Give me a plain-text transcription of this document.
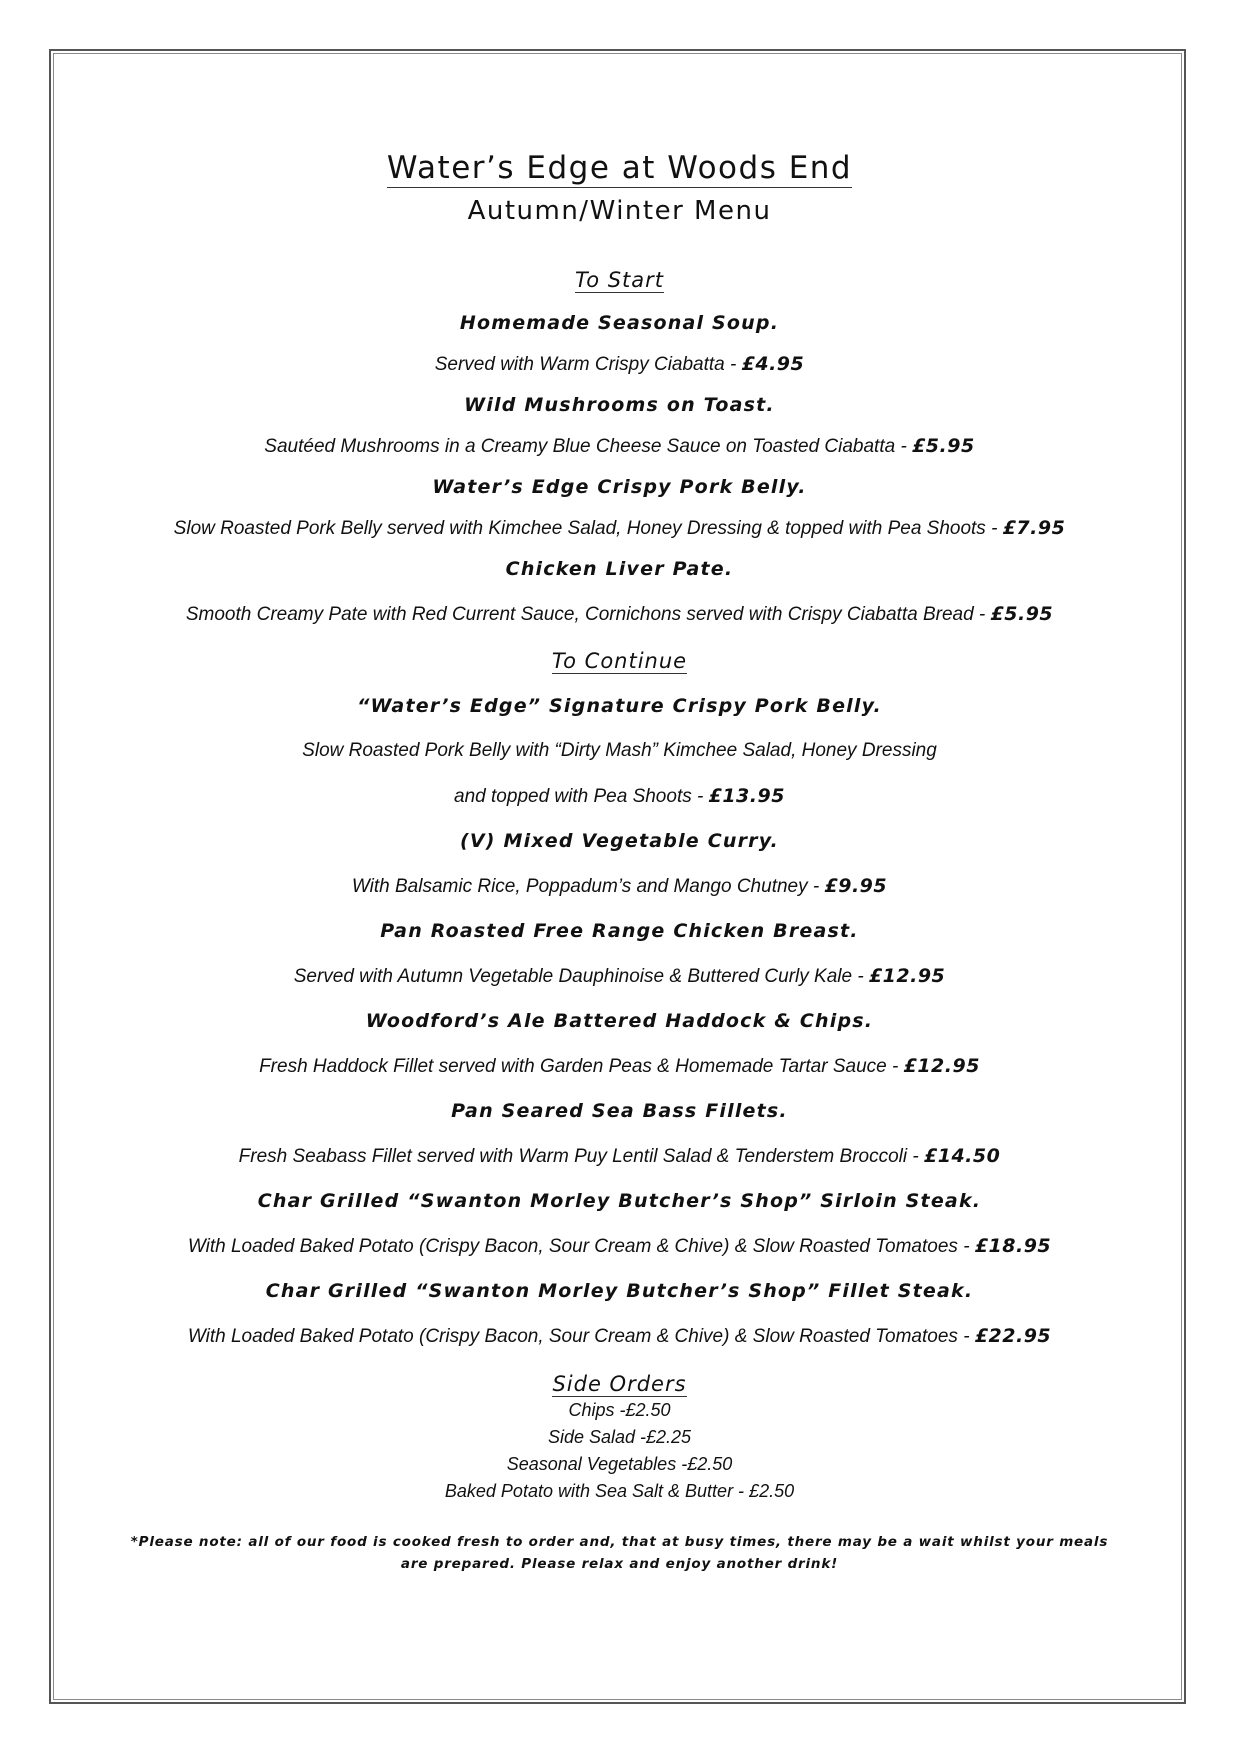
Water’s Edge at Woods End
Autumn/Winter Menu
To Start
Homemade Seasonal Soup.
Served with Warm Crispy Ciabatta - £4.95
Wild Mushrooms on Toast.
Sautéed Mushrooms in a Creamy Blue Cheese Sauce on Toasted Ciabatta - £5.95
Water’s Edge Crispy Pork Belly.
Slow Roasted Pork Belly served with Kimchee Salad, Honey Dressing & topped with Pea Shoots - £7.95
Chicken Liver Pate.
Smooth Creamy Pate with Red Current Sauce, Cornichons served with Crispy Ciabatta Bread - £5.95
To Continue
“Water’s Edge” Signature Crispy Pork Belly.
Slow Roasted Pork Belly with “Dirty Mash” Kimchee Salad, Honey Dressing
and topped with Pea Shoots - £13.95
(V) Mixed Vegetable Curry.
With Balsamic Rice, Poppadum’s and Mango Chutney - £9.95
Pan Roasted Free Range Chicken Breast.
Served with Autumn Vegetable Dauphinoise & Buttered Curly Kale - £12.95
Woodford’s Ale Battered Haddock & Chips.
Fresh Haddock Fillet served with Garden Peas & Homemade Tartar Sauce - £12.95
Pan Seared Sea Bass Fillets.
Fresh Seabass Fillet served with Warm Puy Lentil Salad & Tenderstem Broccoli - £14.50
Char Grilled “Swanton Morley Butcher’s Shop” Sirloin Steak.
With Loaded Baked Potato (Crispy Bacon, Sour Cream & Chive) & Slow Roasted Tomatoes - £18.95
Char Grilled “Swanton Morley Butcher’s Shop” Fillet Steak.
With Loaded Baked Potato (Crispy Bacon, Sour Cream & Chive) & Slow Roasted Tomatoes - £22.95
Side Orders
Chips -£2.50
Side Salad -£2.25
Seasonal Vegetables -£2.50
Baked Potato with Sea Salt & Butter - £2.50
*Please note: all of our food is cooked fresh to order and, that at busy times, there may be a wait whilst your meals
are prepared. Please relax and enjoy another drink!
